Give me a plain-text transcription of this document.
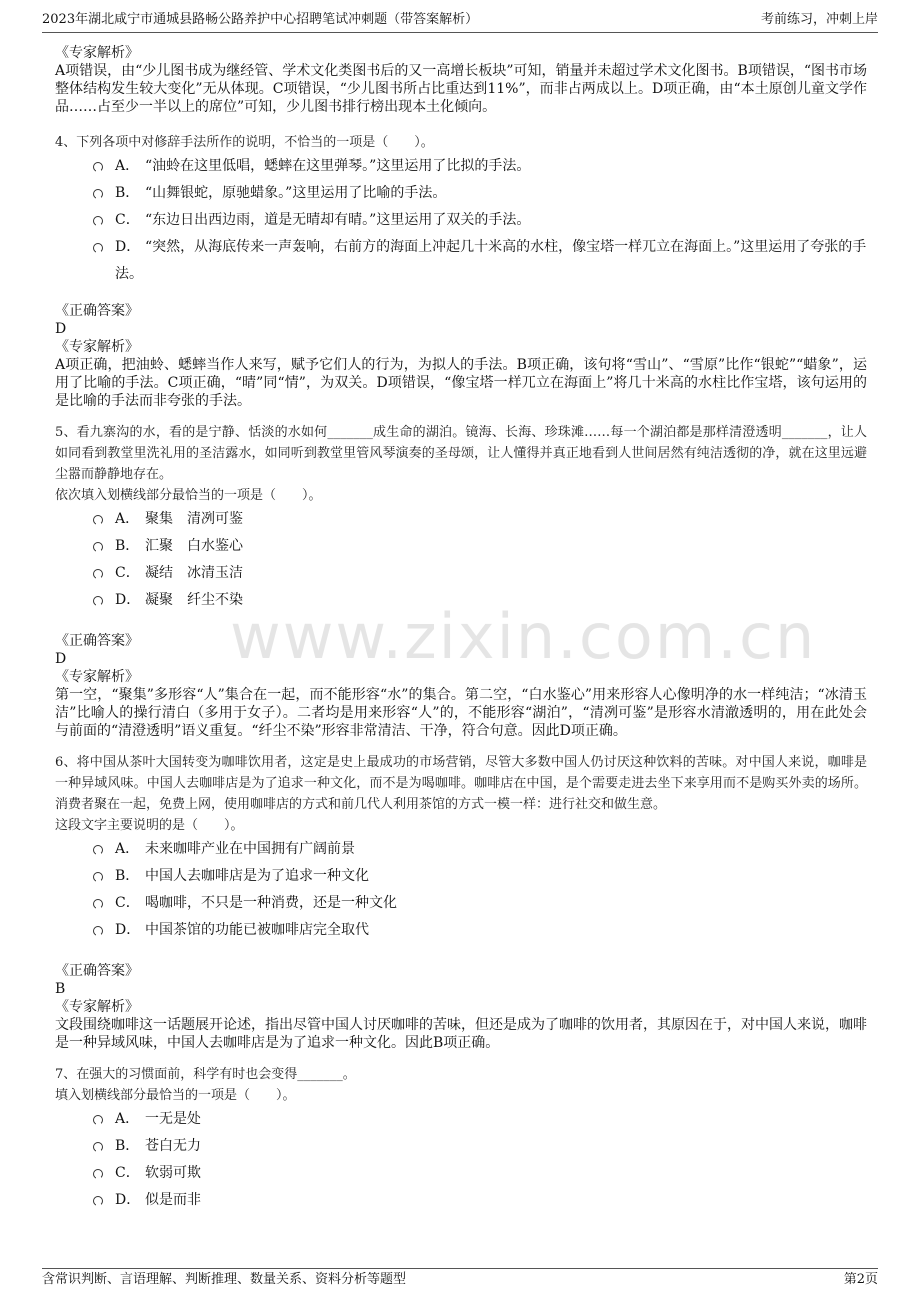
2023年湖北咸宁市通城县路畅公路养护中心招聘笔试冲刺题（带答案解析）	考前练习，冲刺上岸
www.zixin.com.cn
《专家解析》
A项错误，由“少儿图书成为继经管、学术文化类图书后的又一高增长板块”可知，销量并未超过学术文化图书。B项错误，“图书市场整体结构发生较大变化”无从体现。C项错误，“少儿图书所占比重达到11%”，而非占两成以上。D项正确，由“本土原创儿童文学作品……占至少一半以上的席位”可知，少儿图书排行榜出现本土化倾向。
4、下列各项中对修辞手法所作的说明，不恰当的一项是（　　）。
A． “油蛉在这里低唱，蟋蟀在这里弹琴。”这里运用了比拟的手法。
B． “山舞银蛇，原驰蜡象。”这里运用了比喻的手法。
C． “东边日出西边雨，道是无晴却有晴。”这里运用了双关的手法。
D． “突然，从海底传来一声轰响，右前方的海面上冲起几十米高的水柱，像宝塔一样兀立在海面上。”这里运用了夸张的手法。
《正确答案》
D
《专家解析》
A项正确，把油蛉、蟋蟀当作人来写，赋予它们人的行为，为拟人的手法。B项正确，该句将“雪山”、“雪原”比作“银蛇”“蜡象”，运用了比喻的手法。C项正确，“晴”同“情”，为双关。D项错误，“像宝塔一样兀立在海面上”将几十米高的水柱比作宝塔，该句运用的是比喻的手法而非夸张的手法。
5、看九寨沟的水，看的是宁静、恬淡的水如何_______成生命的湖泊。镜海、长海、珍珠滩……每一个湖泊都是那样清澄透明_______，让人如同看到教堂里洗礼用的圣洁露水，如同听到教堂里管风琴演奏的圣母颂，让人懂得并真正地看到人世间居然有纯洁透彻的净，就在这里远避尘嚣而静静地存在。
依次填入划横线部分最恰当的一项是（　　）。
A． 聚集　清冽可鉴
B． 汇聚　白水鉴心
C． 凝结　冰清玉洁
D． 凝聚　纤尘不染
《正确答案》
D
《专家解析》
第一空，“聚集”多形容“人”集合在一起，而不能形容“水”的集合。第二空，“白水鉴心”用来形容人心像明净的水一样纯洁；“冰清玉洁”比喻人的操行清白（多用于女子）。二者均是用来形容“人”的，不能形容“湖泊”，“清冽可鉴”是形容水清澈透明的，用在此处会与前面的“清澄透明”语义重复。“纤尘不染”形容非常清洁、干净，符合句意。因此D项正确。
6、将中国从茶叶大国转变为咖啡饮用者，这定是史上最成功的市场营销，尽管大多数中国人仍讨厌这种饮料的苦味。对中国人来说，咖啡是一种异域风味。中国人去咖啡店是为了追求一种文化，而不是为喝咖啡。咖啡店在中国，是个需要走进去坐下来享用而不是购买外卖的场所。消费者聚在一起，免费上网，使用咖啡店的方式和前几代人利用茶馆的方式一模一样：进行社交和做生意。
这段文字主要说明的是（　　）。
A． 未来咖啡产业在中国拥有广阔前景
B． 中国人去咖啡店是为了追求一种文化
C． 喝咖啡，不只是一种消费，还是一种文化
D． 中国茶馆的功能已被咖啡店完全取代
《正确答案》
B
《专家解析》
文段围绕咖啡这一话题展开论述，指出尽管中国人讨厌咖啡的苦味，但还是成为了咖啡的饮用者，其原因在于，对中国人来说，咖啡是一种异域风味，中国人去咖啡店是为了追求一种文化。因此B项正确。
7、在强大的习惯面前，科学有时也会变得_______。
填入划横线部分最恰当的一项是（　　）。
A． 一无是处
B． 苍白无力
C． 软弱可欺
D． 似是而非
含常识判断、言语理解、判断推理、数量关系、资料分析等题型	第2页
